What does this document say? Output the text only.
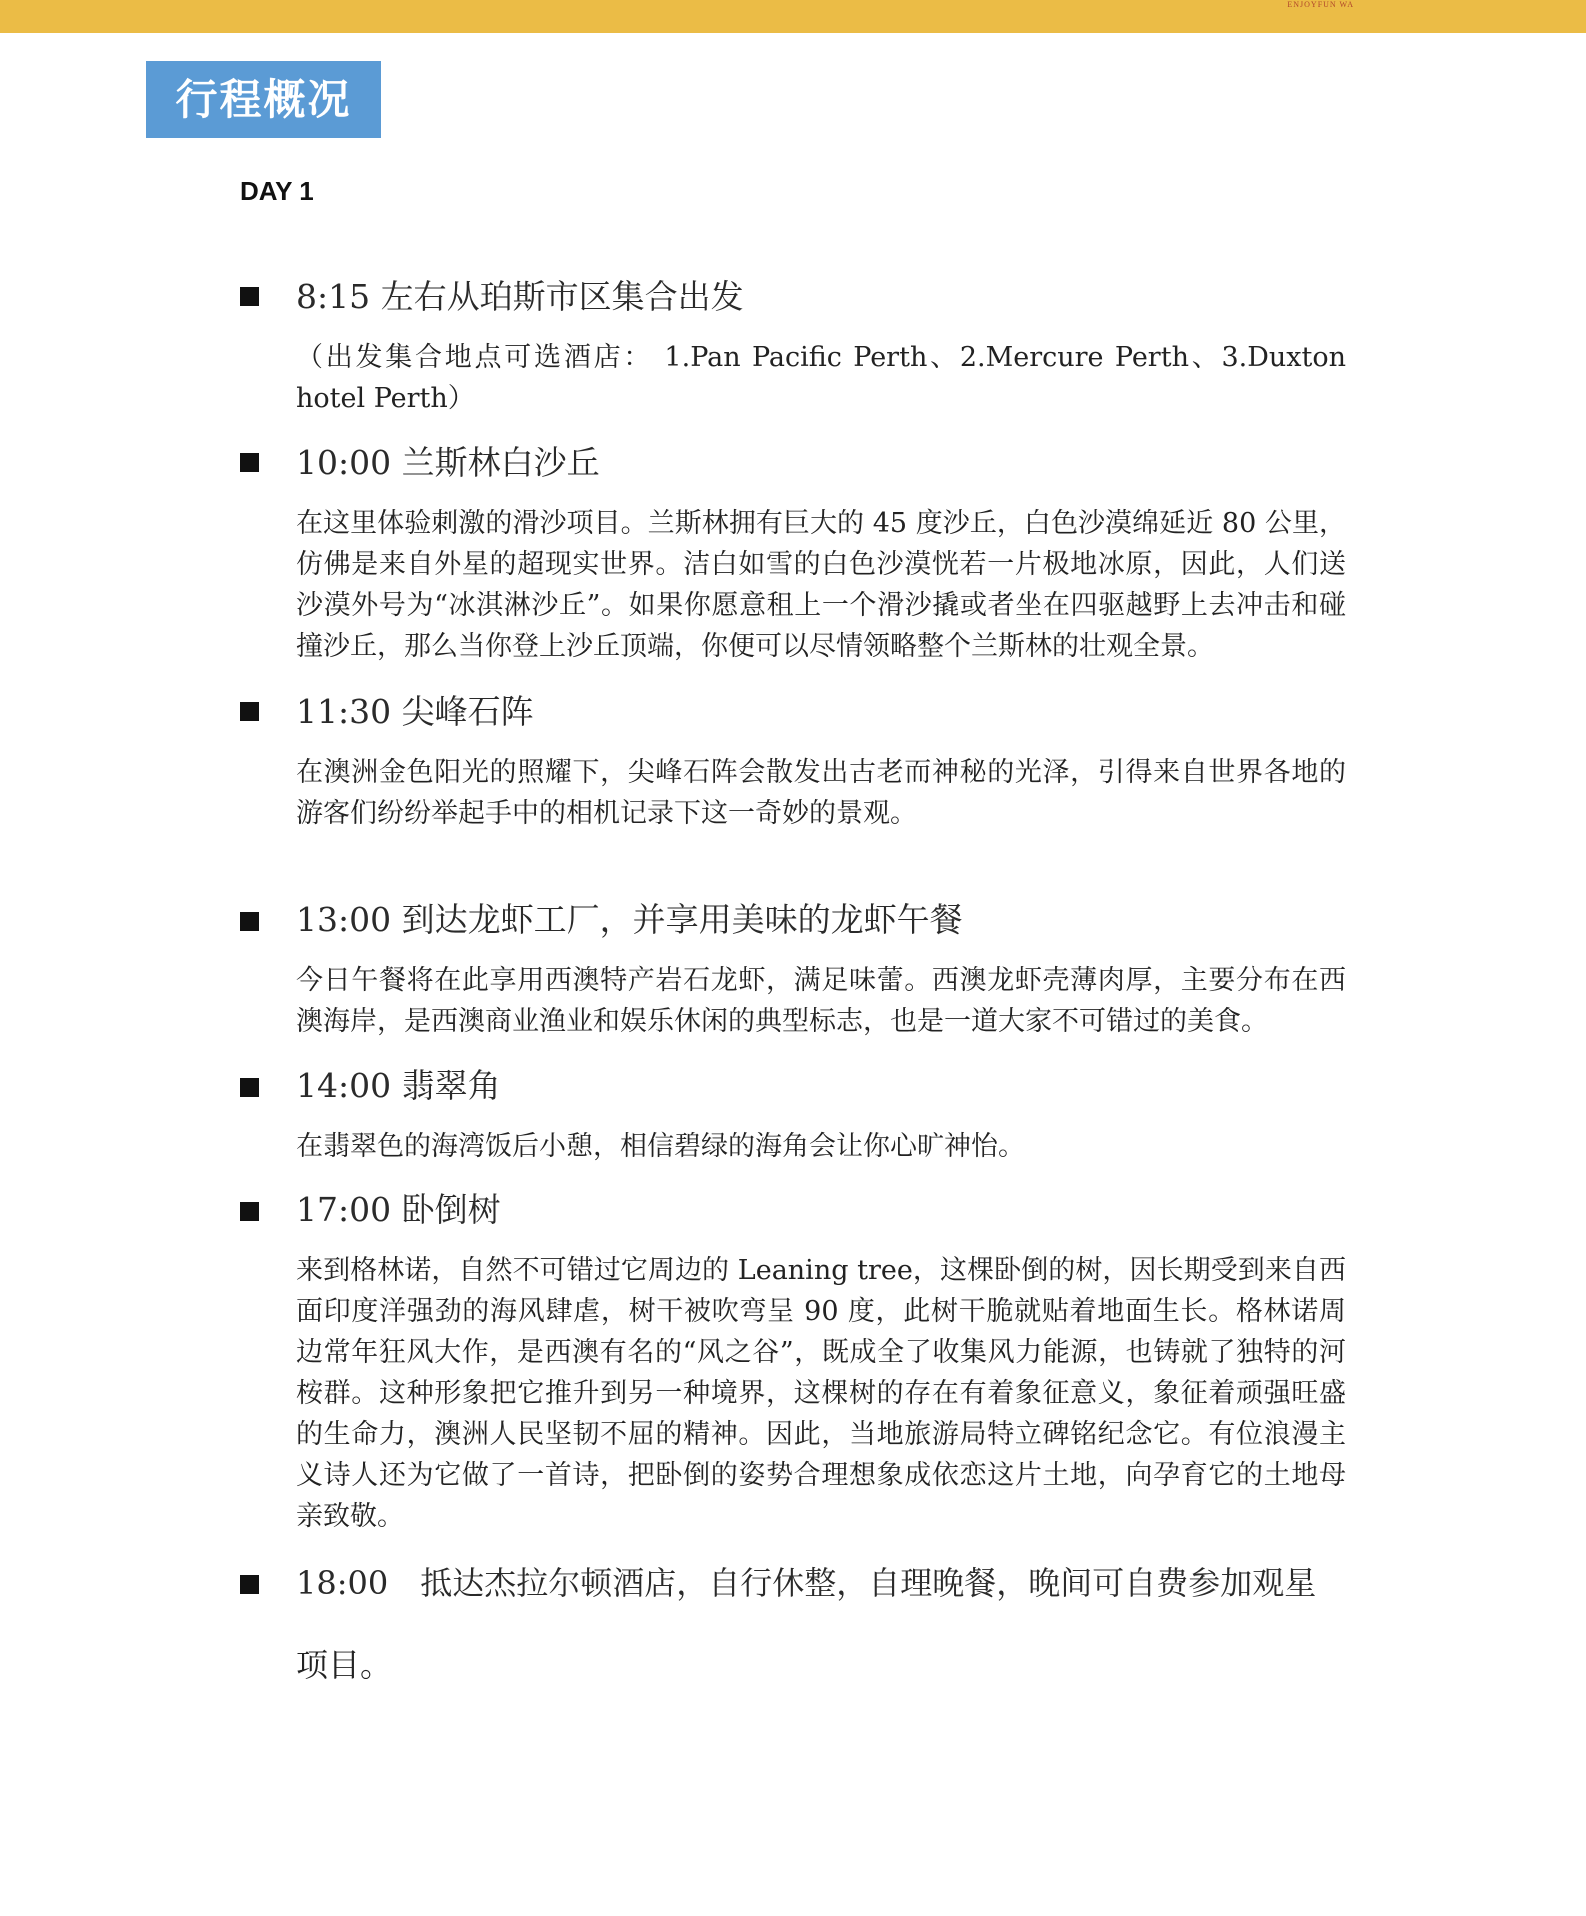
ENJOYFUN WA
行程概况
DAY 1
8:15 左右从珀斯市区集合出发
（出发集合地点可选酒店： 1.Pan Pacific Perth、2.Mercure Perth、3.Duxton hotel Perth）
10:00 兰斯林白沙丘
在这里体验刺激的滑沙项目。兰斯林拥有巨大的 45 度沙丘，白色沙漠绵延近 80 公里，仿佛是来自外星的超现实世界。洁白如雪的白色沙漠恍若一片极地冰原，因此，人们送沙漠外号为“冰淇淋沙丘”。如果你愿意租上一个滑沙撬或者坐在四驱越野上去冲击和碰撞沙丘，那么当你登上沙丘顶端，你便可以尽情领略整个兰斯林的壮观全景。
11:30 尖峰石阵
在澳洲金色阳光的照耀下，尖峰石阵会散发出古老而神秘的光泽，引得来自世界各地的游客们纷纷举起手中的相机记录下这一奇妙的景观。
13:00 到达龙虾工厂，并享用美味的龙虾午餐
今日午餐将在此享用西澳特产岩石龙虾，满足味蕾。西澳龙虾壳薄肉厚，主要分布在西澳海岸，是西澳商业渔业和娱乐休闲的典型标志，也是一道大家不可错过的美食。
14:00 翡翠角
在翡翠色的海湾饭后小憩，相信碧绿的海角会让你心旷神怡。
17:00 卧倒树
来到格林诺，自然不可错过它周边的 Leaning tree，这棵卧倒的树，因长期受到来自西面印度洋强劲的海风肆虐，树干被吹弯呈 90 度，此树干脆就贴着地面生长。格林诺周边常年狂风大作，是西澳有名的“风之谷”，既成全了收集风力能源，也铸就了独特的河桉群。这种形象把它推升到另一种境界，这棵树的存在有着象征意义，象征着顽强旺盛的生命力，澳洲人民坚韧不屈的精神。因此，当地旅游局特立碑铭纪念它。有位浪漫主义诗人还为它做了一首诗，把卧倒的姿势合理想象成依恋这片土地，向孕育它的土地母亲致敬。
18:00　抵达杰拉尔顿酒店，自行休整，自理晚餐，晚间可自费参加观星
项目。
